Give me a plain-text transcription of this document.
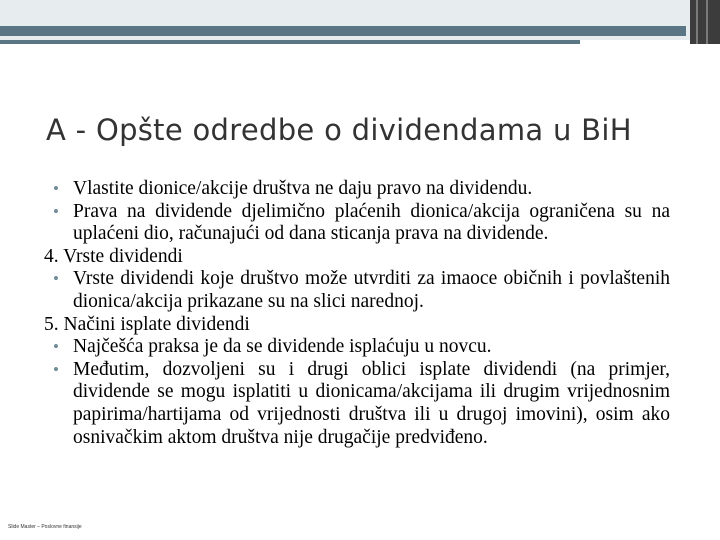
A - Opšte odredbe o dividendama u BiH

• Vlastite dionice/akcije društva ne daju pravo na dividendu.

• Prava na dividende djelimično plaćenih dionica/akcija ograničena su na uplaćeni dio, računajući od dana sticanja prava na dividende.

4. Vrste dividendi

• Vrste dividendi koje društvo može utvrditi za imaoce običnih i povlaštenih dionica/akcija prikazane su na slici narednoj.

5. Načini isplate dividendi

• Najčešća praksa je da se dividende isplaćuju u novcu.

• Međutim, dozvoljeni su i drugi oblici isplate dividendi (na primjer, dividende se mogu isplatiti u dionicama/akcijama ili drugim vrijednosnim papirima/hartijama od vrijednosti društva ili u drugoj imovini), osim ako osnivačkim aktom društva nije drugačije predviđeno.

Slide Master – Poslovne finansije
